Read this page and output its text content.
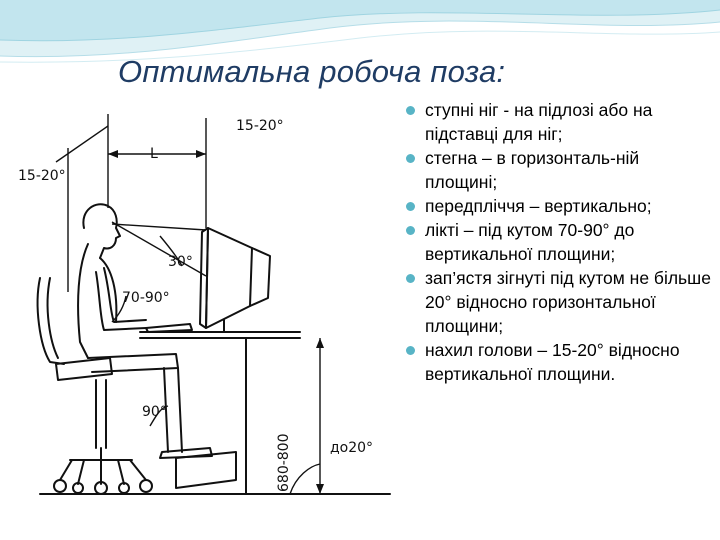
Оптимальна робоча поза:
15-20°
L
15-20°
30°
70-90°
90°
680-800	до20°
ступні ніг - на підлозі або на підставці для ніг;
стегна – в горизонталь-ній площині;
передпліччя – вертикально;
лікті – під кутом 70-90° до вертикальної площини;
зап’ястя зігнуті під кутом не більше 20° відносно горизонтальної площини;
нахил голови – 15-20° відносно вертикальної площини.
